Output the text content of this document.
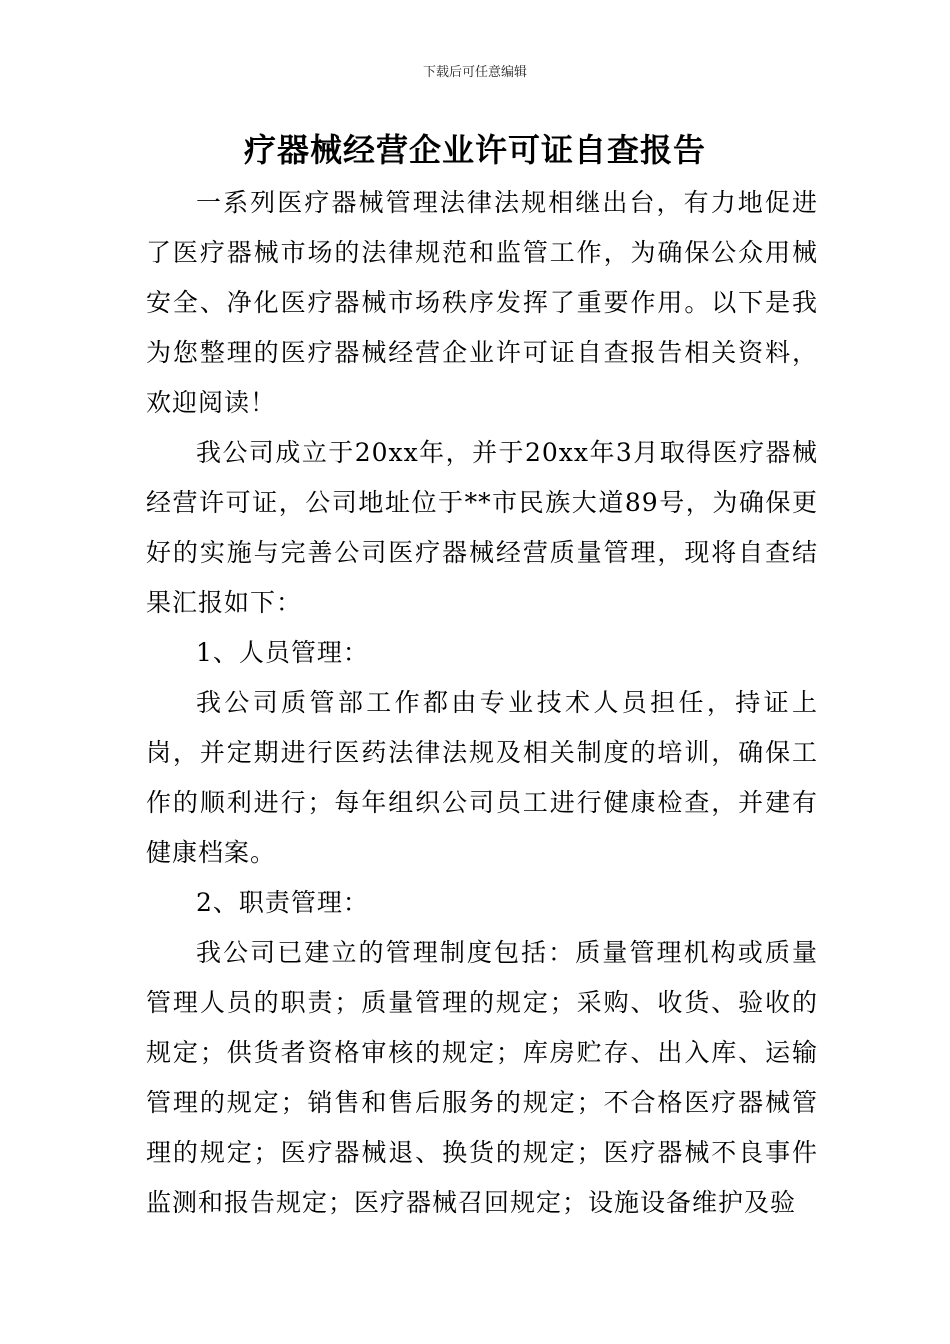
下载后可任意编辑
疗器械经营企业许可证自查报告

一系列医疗器械管理法律法规相继出台，有力地促进了医疗器械市场的法律规范和监管工作，为确保公众用械安全、净化医疗器械市场秩序发挥了重要作用。以下是我为您整理的医疗器械经营企业许可证自查报告相关资料，欢迎阅读！

我公司成立于20xx年，并于20xx年3月取得医疗器械经营许可证，公司地址位于**市民族大道89号，为确保更好的实施与完善公司医疗器械经营质量管理，现将自查结果汇报如下：

1、人员管理：

我公司质管部工作都由专业技术人员担任，持证上岗，并定期进行医药法律法规及相关制度的培训，确保工作的顺利进行；每年组织公司员工进行健康检查，并建有健康档案。

2、职责管理：

我公司已建立的管理制度包括：质量管理机构或质量管理人员的职责；质量管理的规定；采购、收货、验收的规定；供货者资格审核的规定；库房贮存、出入库、运输管理的规定；销售和售后服务的规定；不合格医疗器械管理的规定；医疗器械退、换货的规定；医疗器械不良事件监测和报告规定；医疗器械召回规定；设施设备维护及验
